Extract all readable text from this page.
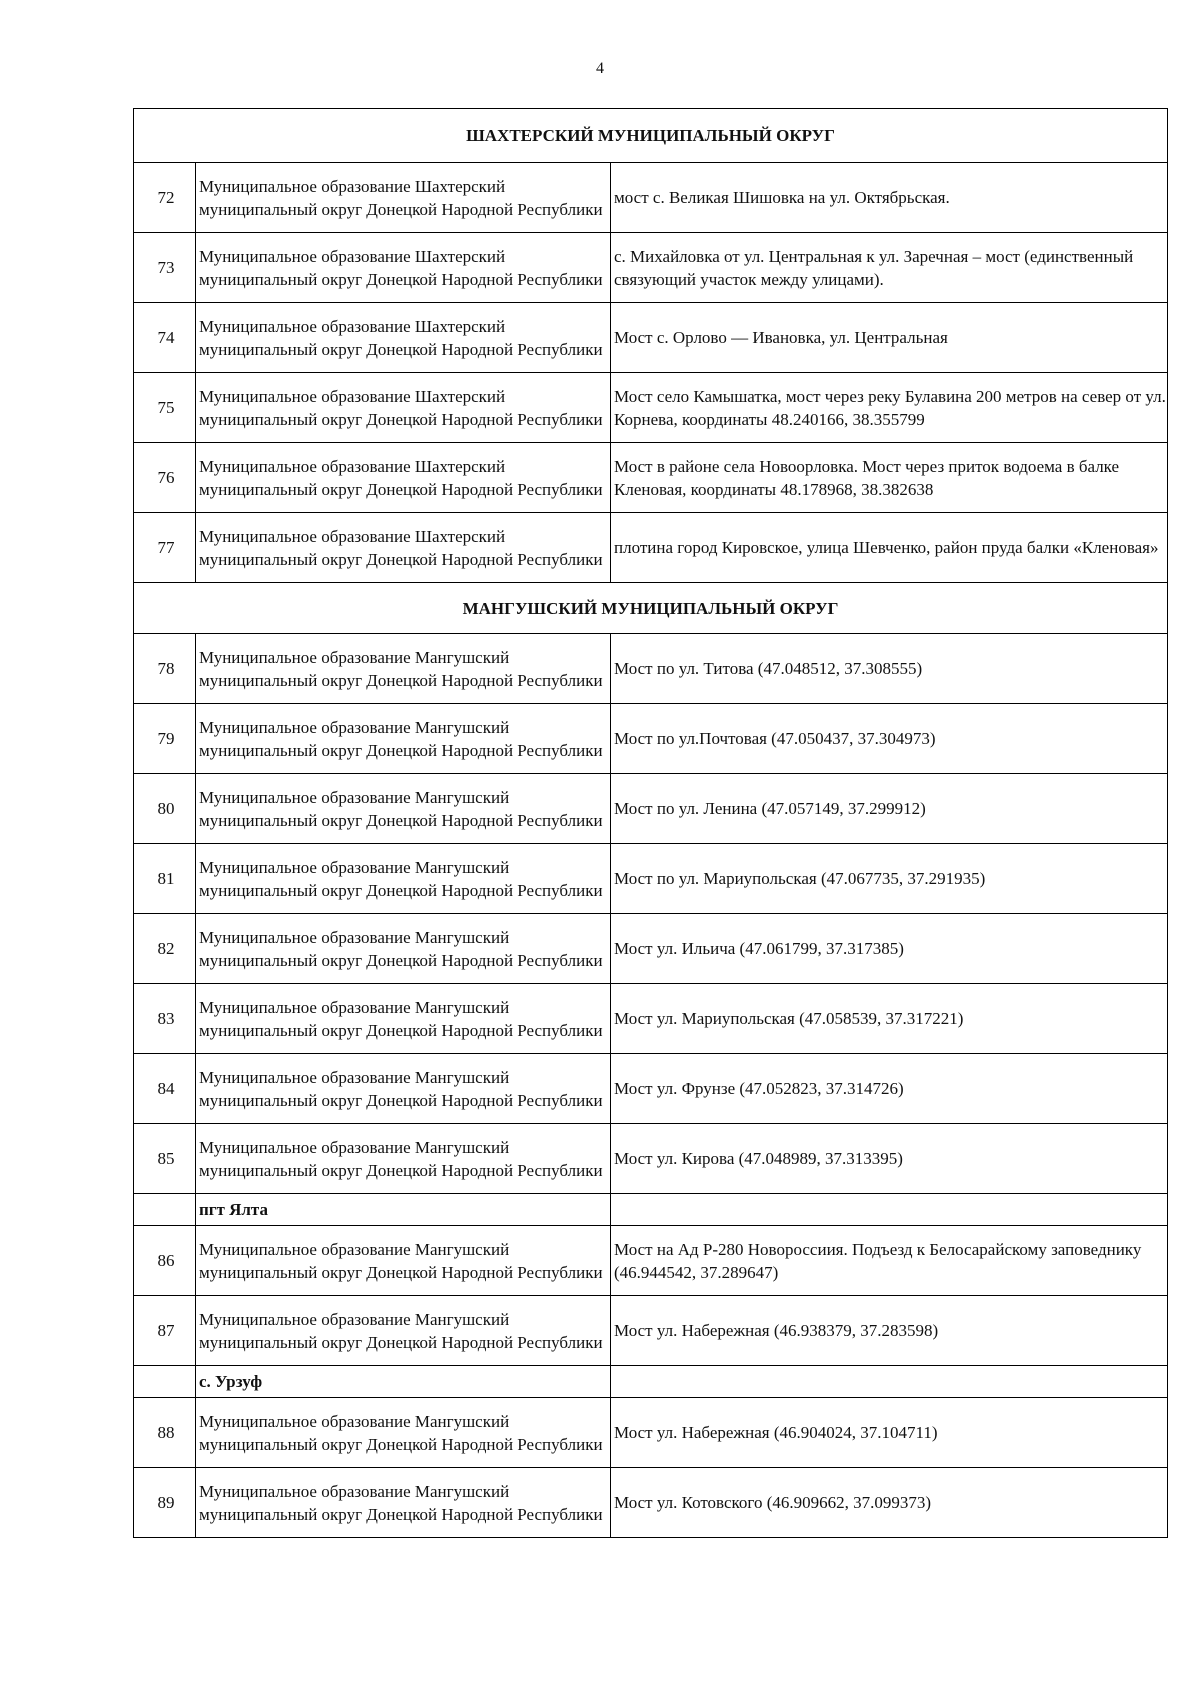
4
ШАХТЕРСКИЙ МУНИЦИПАЛЬНЫЙ ОКРУГ		
72	Муниципальное образование Шахтерский муниципальный округ Донецкой Народной Республики	мост с. Великая Шишовка на ул. Октябрьская.
73	Муниципальное образование Шахтерский муниципальный округ Донецкой Народной Республики	с. Михайловка от ул. Центральная к ул. Заречная – мост (единственный связующий участок между улицами).
74	Муниципальное образование Шахтерский муниципальный округ Донецкой Народной Республики	Мост с. Орлово — Ивановка, ул. Центральная
75	Муниципальное образование Шахтерский муниципальный округ Донецкой Народной Республики	Мост село Камышатка, мост через реку Булавина 200 метров на север от ул. Корнева, координаты 48.240166, 38.355799
76	Муниципальное образование Шахтерский муниципальный округ Донецкой Народной Республики	Мост в районе села Новоорловка. Мост через приток водоема в балке Кленовая, координаты 48.178968, 38.382638
77	Муниципальное образование Шахтерский муниципальный округ Донецкой Народной Республики	плотина город Кировское, улица Шевченко, район пруда балки «Кленовая»
МАНГУШСКИЙ МУНИЦИПАЛЬНЫЙ ОКРУГ		
78	Муниципальное образование Мангушский муниципальный округ Донецкой Народной Республики	Мост по ул. Титова (47.048512, 37.308555)
79	Муниципальное образование Мангушский муниципальный округ Донецкой Народной Республики	Мост по ул.Почтовая (47.050437, 37.304973)
80	Муниципальное образование Мангушский муниципальный округ Донецкой Народной Республики	Мост по ул. Ленина (47.057149, 37.299912)
81	Муниципальное образование Мангушский муниципальный округ Донецкой Народной Республики	Мост по ул. Мариупольская (47.067735, 37.291935)
82	Муниципальное образование Мангушский муниципальный округ Донецкой Народной Республики	Мост ул. Ильича (47.061799, 37.317385)
83	Муниципальное образование Мангушский муниципальный округ Донецкой Народной Республики	Мост ул. Мариупольская (47.058539, 37.317221)
84	Муниципальное образование Мангушский муниципальный округ Донецкой Народной Республики	Мост ул. Фрунзе (47.052823, 37.314726)
85	Муниципальное образование Мангушский муниципальный округ Донецкой Народной Республики	Мост ул. Кирова (47.048989, 37.313395)
	пгт Ялта	
86	Муниципальное образование Мангушский муниципальный округ Донецкой Народной Республики	Мост на Ад Р-280 Новороссиия. Подъезд к Белосарайскому заповеднику (46.944542, 37.289647)
87	Муниципальное образование Мангушский муниципальный округ Донецкой Народной Республики	Мост ул. Набережная (46.938379, 37.283598)
	с. Урзуф	
88	Муниципальное образование Мангушский муниципальный округ Донецкой Народной Республики	Мост ул. Набережная (46.904024, 37.104711)
89	Муниципальное образование Мангушский муниципальный округ Донецкой Народной Республики	Мост ул. Котовского (46.909662, 37.099373)
